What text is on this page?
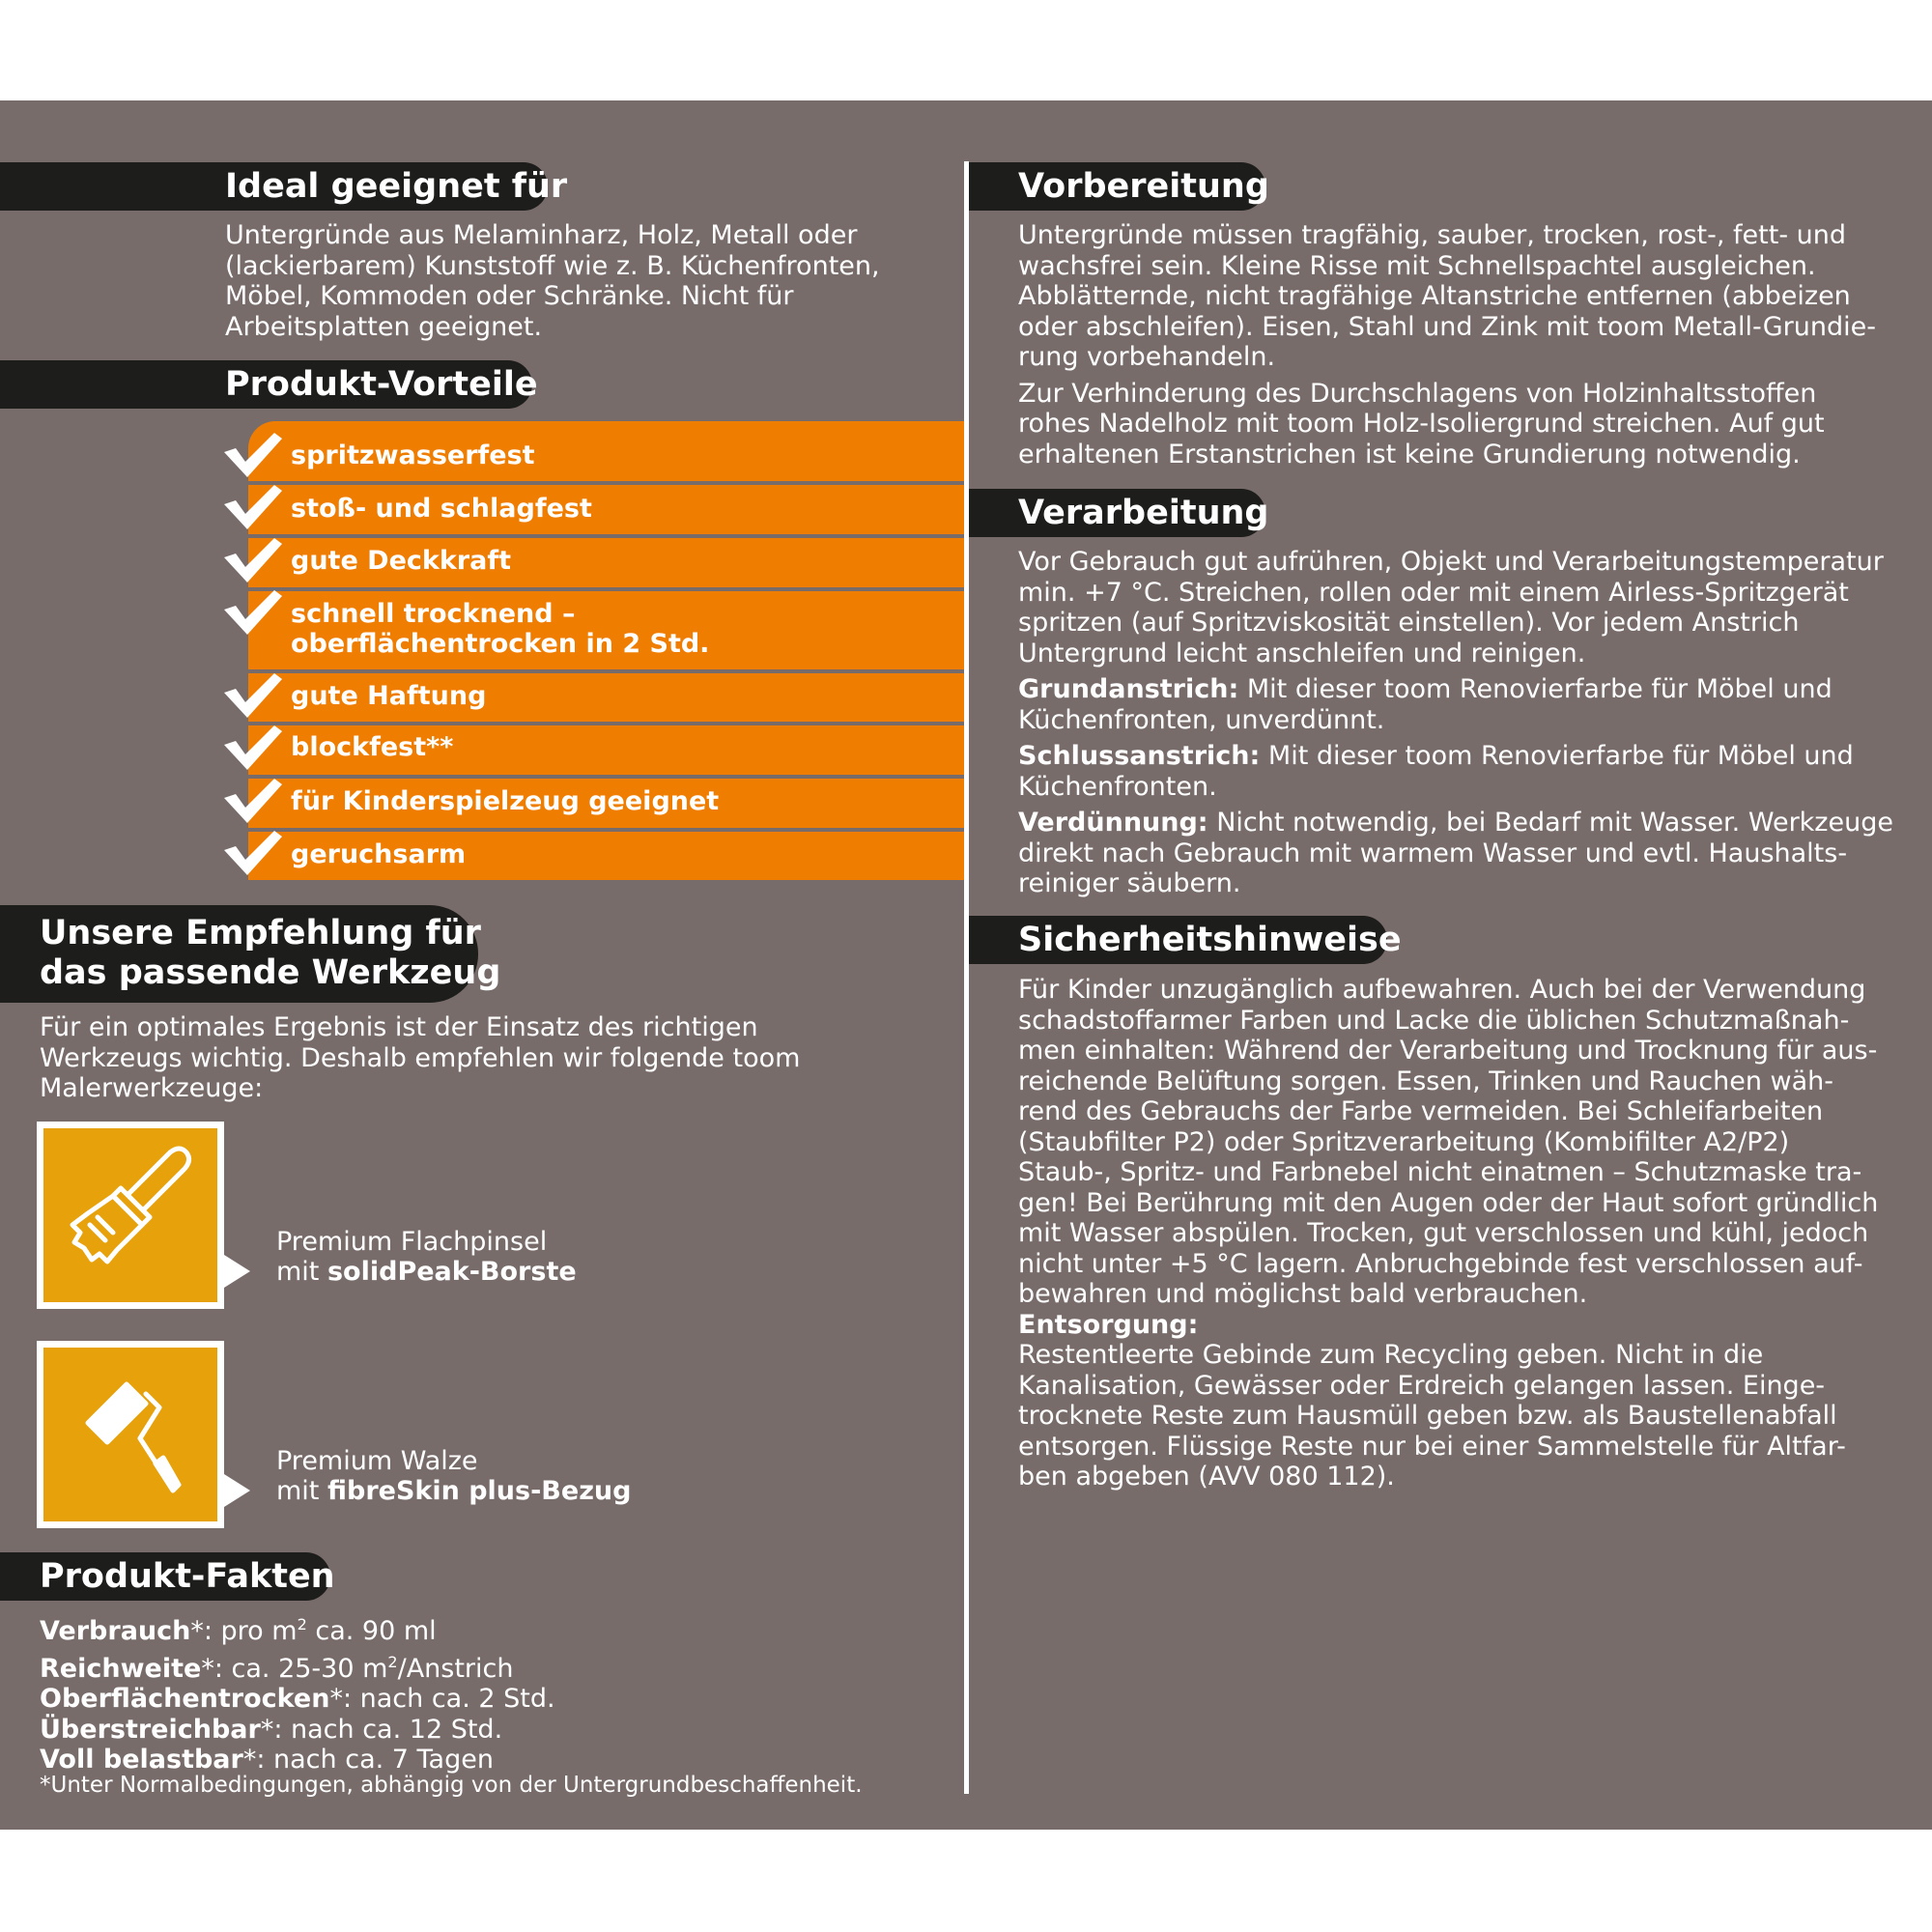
Ideal geeignet für

Untergründe aus Melaminharz, Holz, Metall oder

(lackierbarem) Kunststoff wie z. B. Küchenfronten,

Möbel, Kommoden oder Schränke. Nicht für

Arbeitsplatten geeignet.

Produkt-Vorteile
spritzwasserfest
stoß- und schlagfest
gute Deckkraft
schnell trocknend –
oberflächentrocken in 2 Std.
gute Haftung
blockfest**
für Kinderspielzeug geeignet
geruchsarm
Unsere Empfehlung für
das passende Werkzeug

Für ein optimales Ergebnis ist der Einsatz des richtigen

Werkzeugs wichtig. Deshalb empfehlen wir folgende toom

Malerwerkzeuge:

Premium Flachpinsel
mit solidPeak-Borste
Premium Walze
mit fibreSkin plus-Bezug
Produkt-Fakten

Verbrauch*: pro $m^2$ ca. 90 ml

Reichweite*: ca. 25-30 $m^2$/Anstrich

Oberflächentrocken*: nach ca. 2 Std.

Überstreichbar*: nach ca. 12 Std.

Voll belastbar*: nach ca. 7 Tagen

*Unter Normalbedingungen, abhängig von der Untergrundbeschaffenheit.
Vorbereitung

Untergründe müssen tragfähig, sauber, trocken, rost-, fett- und

wachsfrei sein. Kleine Risse mit Schnellspachtel ausgleichen.

Abblätternde, nicht tragfähige Altanstriche entfernen (abbeizen

oder abschleifen). Eisen, Stahl und Zink mit toom Metall-Grundie-

rung vorbehandeln.

Zur Verhinderung des Durchschlagens von Holzinhaltsstoffen

rohes Nadelholz mit toom Holz-Isoliergrund streichen. Auf gut

erhaltenen Erstanstrichen ist keine Grundierung notwendig.

Verarbeitung

Vor Gebrauch gut aufrühren, Objekt und Verarbeitungstemperatur

min. +7 °C. Streichen, rollen oder mit einem Airless-Spritzgerät

spritzen (auf Spritzviskosität einstellen). Vor jedem Anstrich

Untergrund leicht anschleifen und reinigen.

Grundanstrich: Mit dieser toom Renovierfarbe für Möbel und

Küchenfronten, unverdünnt.

Schlussanstrich: Mit dieser toom Renovierfarbe für Möbel und

Küchenfronten.

Verdünnung: Nicht notwendig, bei Bedarf mit Wasser. Werkzeuge

direkt nach Gebrauch mit warmem Wasser und evtl. Haushalts-

reiniger säubern.

Sicherheitshinweise

Für Kinder unzugänglich aufbewahren. Auch bei der Verwendung

schadstoffarmer Farben und Lacke die üblichen Schutzmaßnah-

men einhalten: Während der Verarbeitung und Trocknung für aus-

reichende Belüftung sorgen. Essen, Trinken und Rauchen wäh-

rend des Gebrauchs der Farbe vermeiden. Bei Schleifarbeiten

(Staubfilter P2) oder Spritzverarbeitung (Kombifilter A2/P2)

Staub-, Spritz- und Farbnebel nicht einatmen – Schutzmaske tra-

gen! Bei Berührung mit den Augen oder der Haut sofort gründlich

mit Wasser abspülen. Trocken, gut verschlossen und kühl, jedoch

nicht unter +5 °C lagern. Anbruchgebinde fest verschlossen auf-

bewahren und möglichst bald verbrauchen.

Entsorgung:

Restentleerte Gebinde zum Recycling geben. Nicht in die

Kanalisation, Gewässer oder Erdreich gelangen lassen. Einge-

trocknete Reste zum Hausmüll geben bzw. als Baustellenabfall

entsorgen. Flüssige Reste nur bei einer Sammelstelle für Altfar-

ben abgeben (AVV 080 112).
